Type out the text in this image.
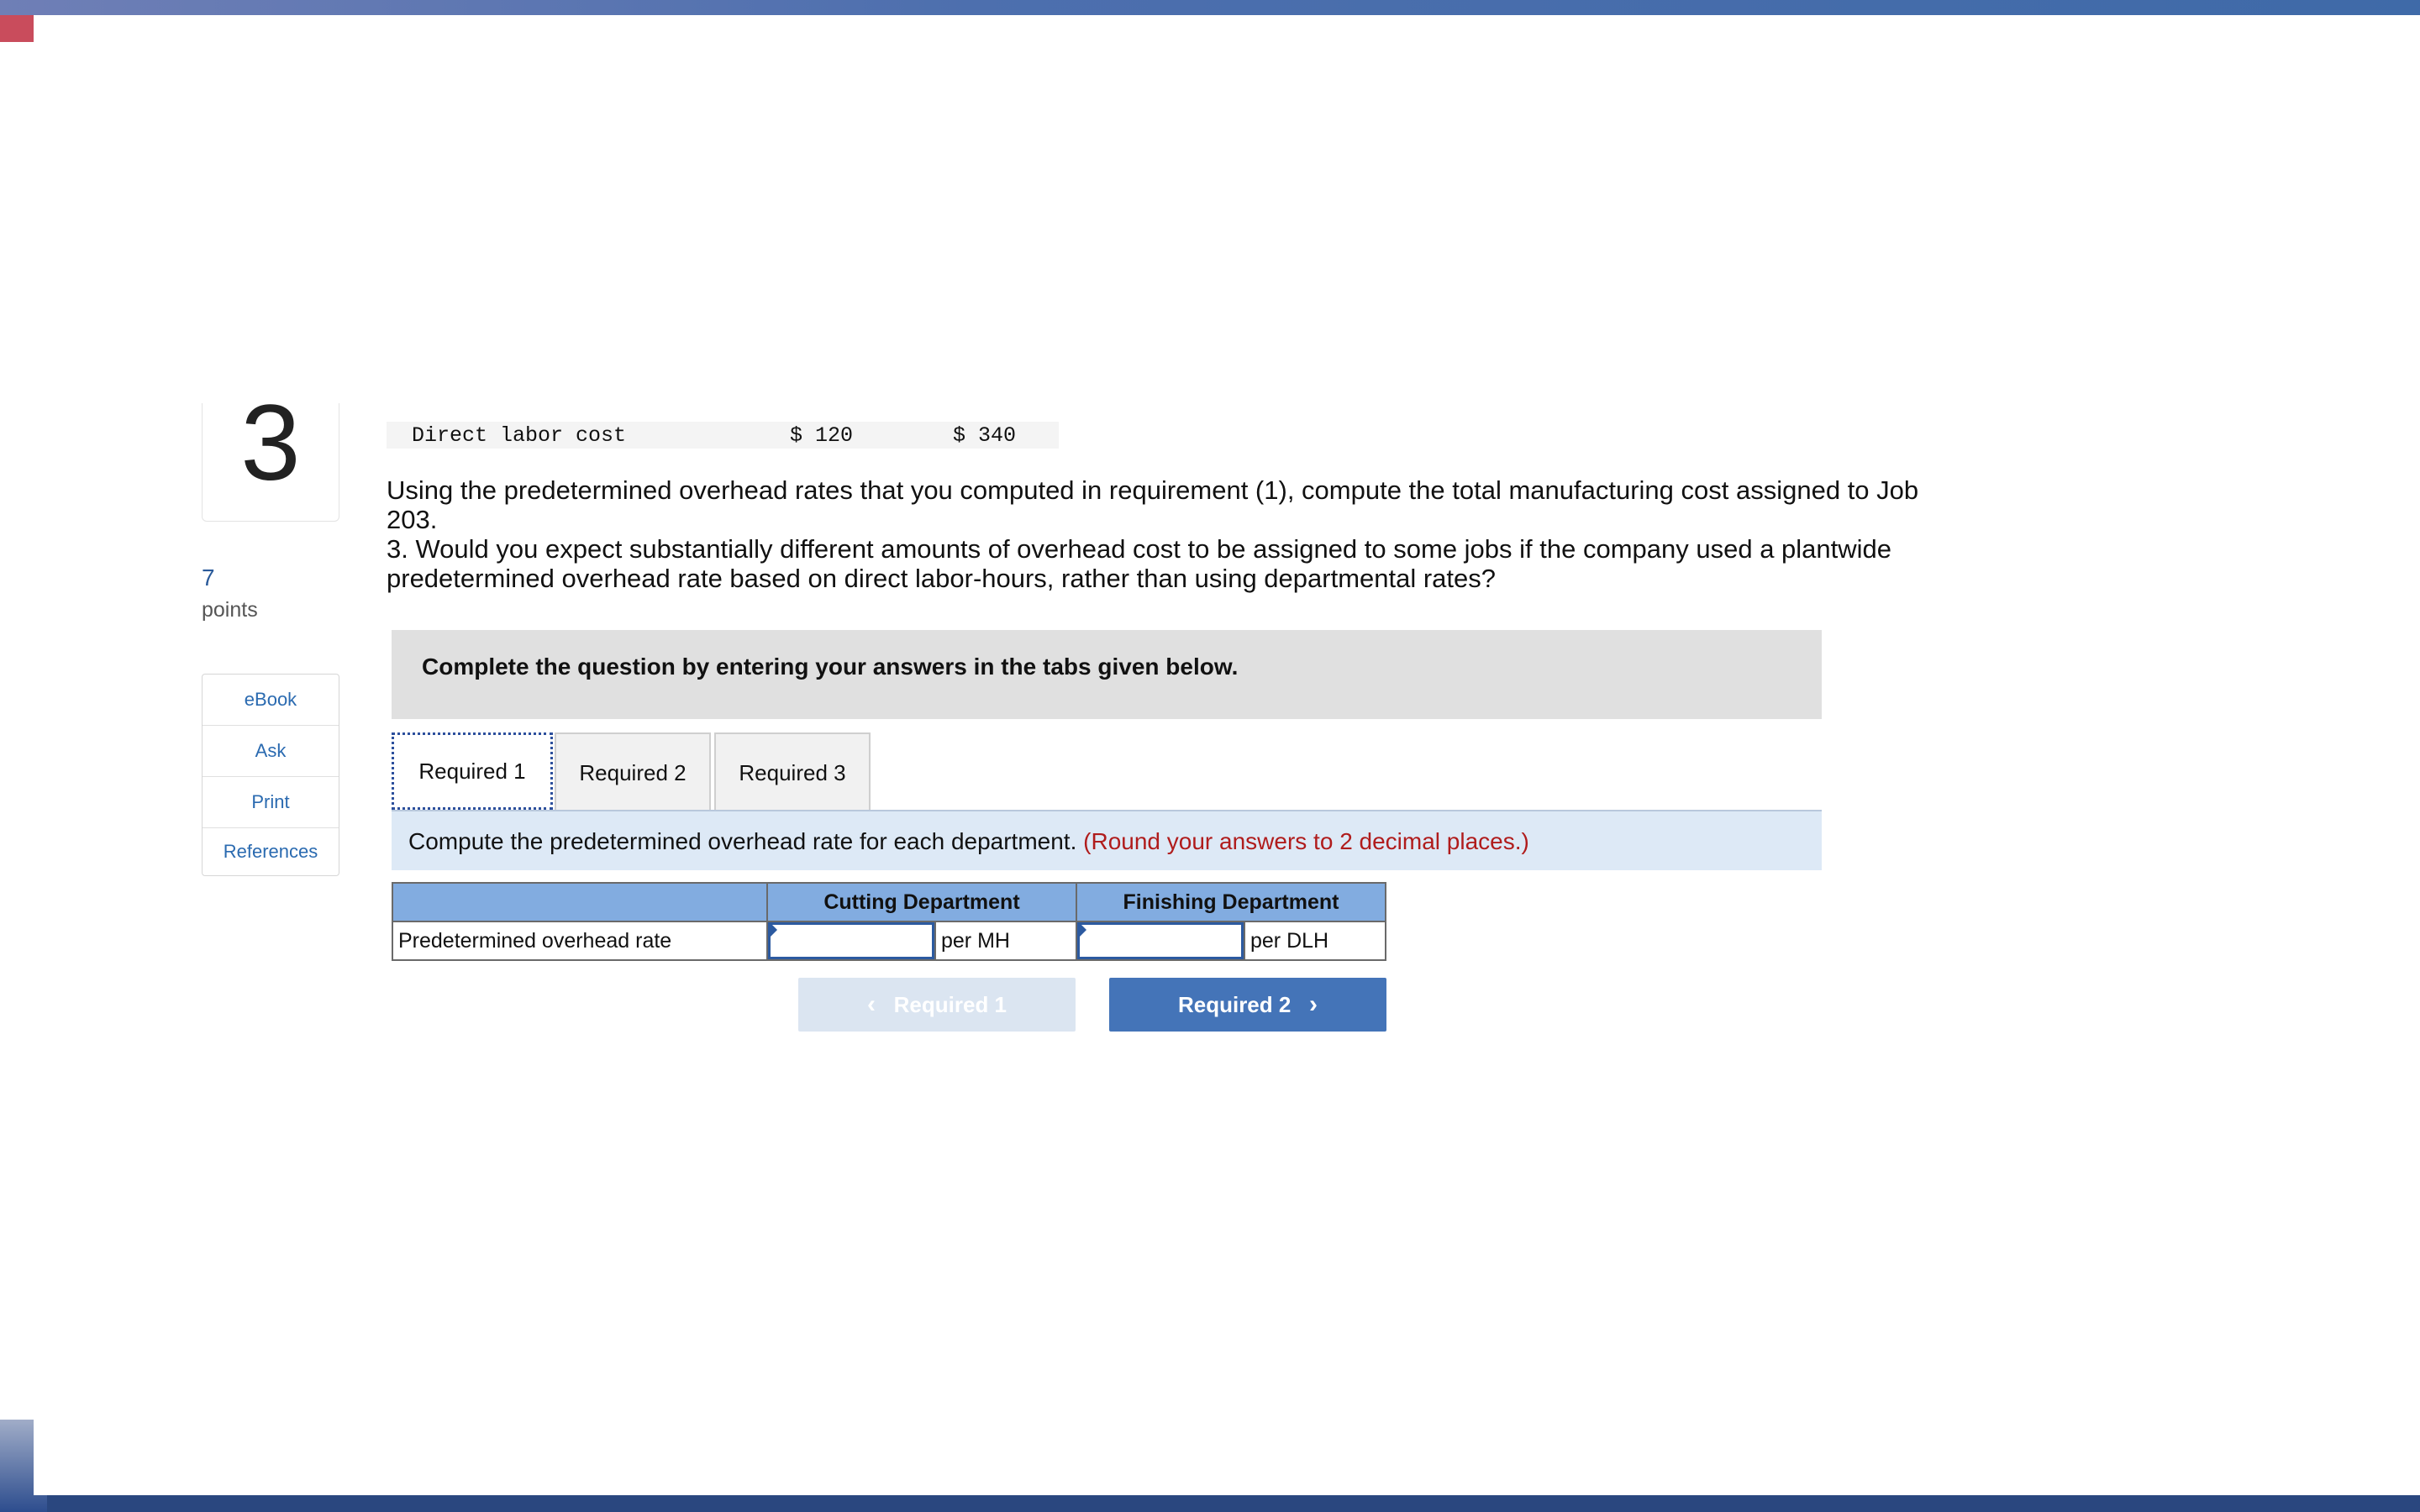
3
7
points
eBook
Ask
Print
References
Direct labor cost	$ 120	$ 340

Using the predetermined overhead rates that you computed in requirement (1), compute the total manufacturing cost assigned to Job 203.

3. Would you expect substantially different amounts of overhead cost to be assigned to some jobs if the company used a plantwide predetermined overhead rate based on direct labor-hours, rather than using departmental rates?

Complete the question by entering your answers in the tabs given below.
Required 1	Required 2	Required 3
Compute the predetermined overhead rate for each department. (Round your answers to 2 decimal places.)
	Cutting Department		Finishing Department	
Predetermined overhead rate		per MH		per DLH
‹ Required 1	Required 2 ›
